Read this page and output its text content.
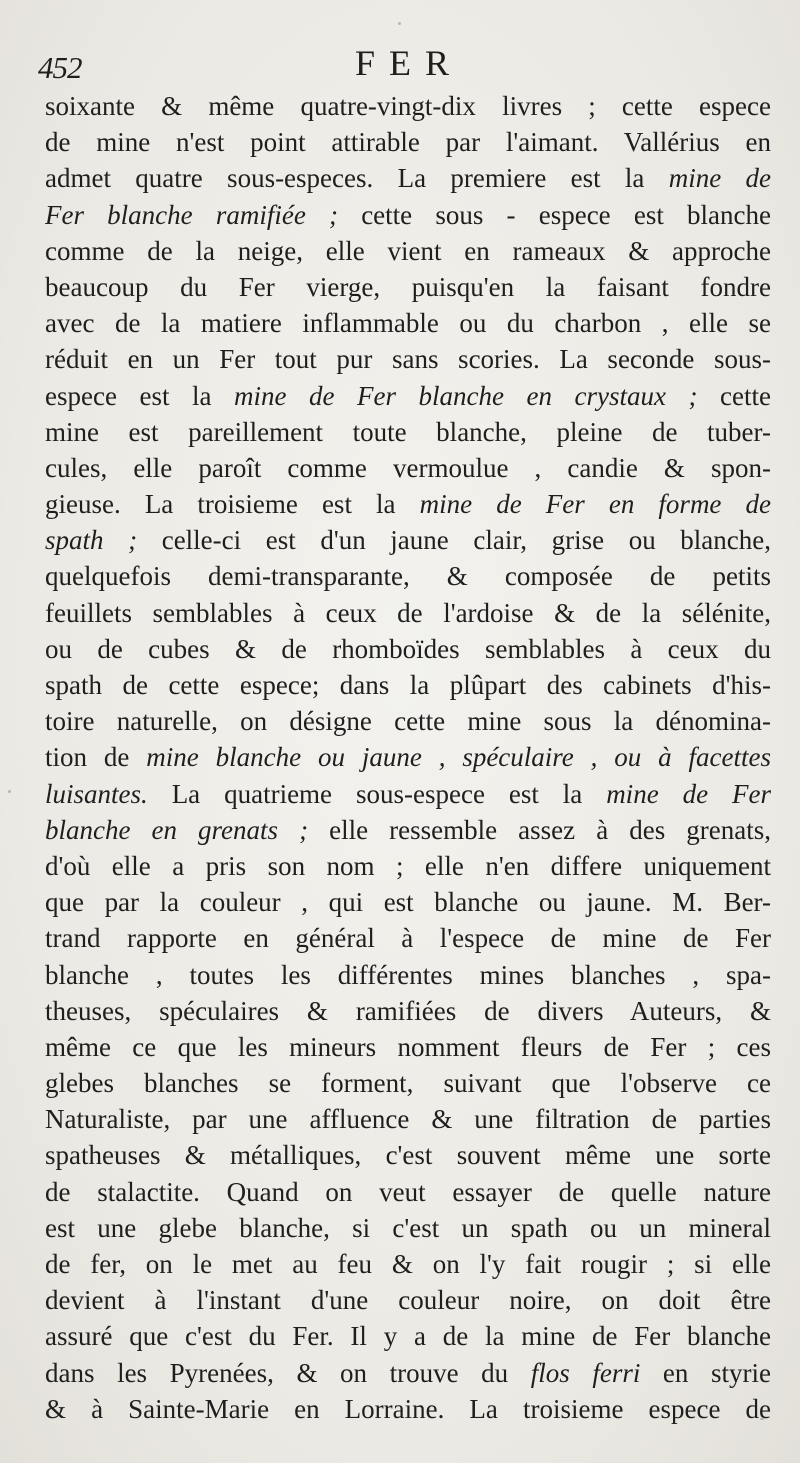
452	FER
soixante & même quatre-vingt-dix livres ; cette espece
de mine n'est point attirable par l'aimant. Vallérius en
admet quatre sous-especes. La premiere est la mine de
Fer blanche ramifiée ; cette sous - espece est blanche
comme de la neige, elle vient en rameaux & approche
beaucoup du Fer vierge, puisqu'en la faisant fondre
avec de la matiere inflammable ou du charbon , elle se
réduit en un Fer tout pur sans scories. La seconde sous-
espece est la mine de Fer blanche en crystaux ; cette
mine est pareillement toute blanche, pleine de tuber-
cules, elle paroît comme vermoulue , candie & spon-
gieuse. La troisieme est la mine de Fer en forme de
spath ; celle-ci est d'un jaune clair, grise ou blanche,
quelquefois demi-transparante, & composée de petits
feuillets semblables à ceux de l'ardoise & de la sélénite,
ou de cubes & de rhomboïdes semblables à ceux du
spath de cette espece; dans la plûpart des cabinets d'his-
toire naturelle, on désigne cette mine sous la dénomina-
tion de mine blanche ou jaune , spéculaire , ou à facettes
luisantes. La quatrieme sous-espece est la mine de Fer
blanche en grenats ; elle ressemble assez à des grenats,
d'où elle a pris son nom ; elle n'en differe uniquement
que par la couleur , qui est blanche ou jaune. M. Ber-
trand rapporte en général à l'espece de mine de Fer
blanche , toutes les différentes mines blanches , spa-
theuses, spéculaires & ramifiées de divers Auteurs, &
même ce que les mineurs nomment fleurs de Fer ; ces
glebes blanches se forment, suivant que l'observe ce
Naturaliste, par une affluence & une filtration de parties
spatheuses & métalliques, c'est souvent même une sorte
de stalactite. Quand on veut essayer de quelle nature
est une glebe blanche, si c'est un spath ou un mineral
de fer, on le met au feu & on l'y fait rougir ; si elle
devient à l'instant d'une couleur noire, on doit être
assuré que c'est du Fer. Il y a de la mine de Fer blanche
dans les Pyrenées, & on trouve du flos ferri en styrie
& à Sainte-Marie en Lorraine. La troisieme espece de
